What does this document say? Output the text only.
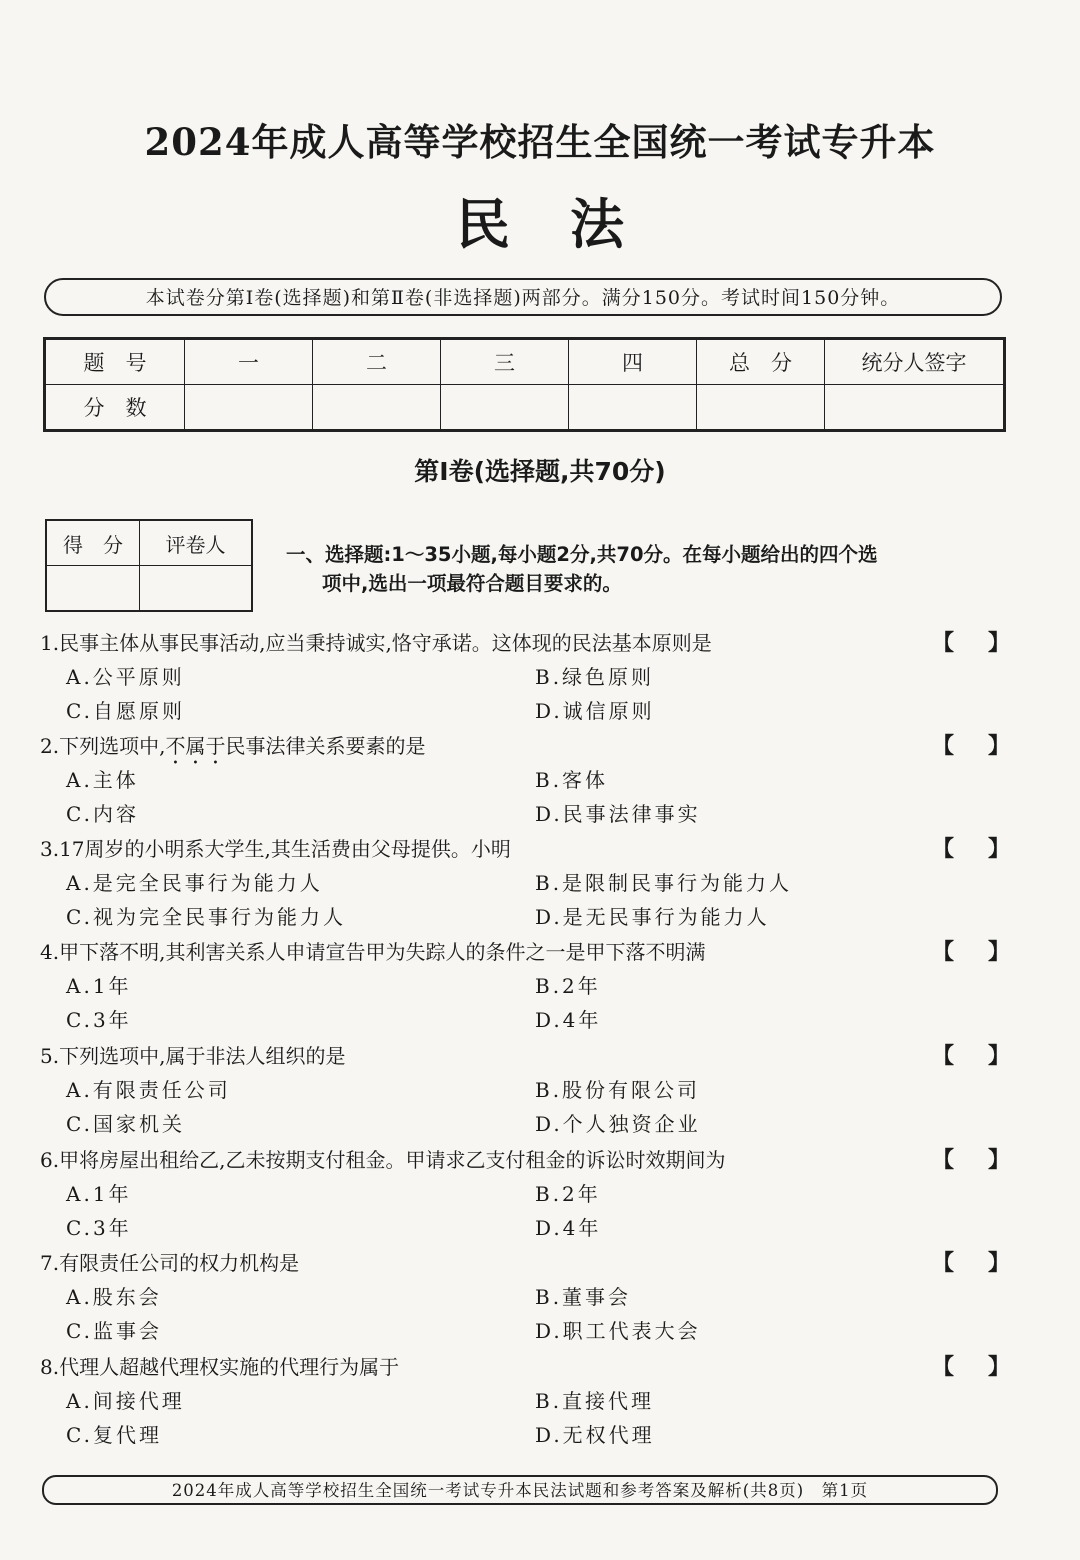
2024年成人高等学校招生全国统一考试专升本
民法
本试卷分第Ⅰ卷(选择题)和第Ⅱ卷(非选择题)两部分。满分150分。考试时间150分钟。
题　号	一	二	三	四	总　分	统分人签字
分　数						
第Ⅰ卷(选择题,共70分)
得　分	评卷人
		一、选择题:1～35小题,每小题2分,共70分。在每小题给出的四个选
项中,选出一项最符合题目要求的。
1.民事主体从事民事活动,应当秉持诚实,恪守承诺。这体现的民法基本原则是	【】
A.公平原则	B.绿色原则
C.自愿原则	D.诚信原则
2.下列选项中,不属于民事法律关系要素的是	【】
A.主体	B.客体
C.内容	D.民事法律事实
3.17周岁的小明系大学生,其生活费由父母提供。小明	【】
A.是完全民事行为能力人	B.是限制民事行为能力人
C.视为完全民事行为能力人	D.是无民事行为能力人
4.甲下落不明,其利害关系人申请宣告甲为失踪人的条件之一是甲下落不明满	【】
A.1年	B.2年
C.3年	D.4年
5.下列选项中,属于非法人组织的是	【】
A.有限责任公司	B.股份有限公司
C.国家机关	D.个人独资企业
6.甲将房屋出租给乙,乙未按期支付租金。甲请求乙支付租金的诉讼时效期间为	【】
A.1年	B.2年
C.3年	D.4年
7.有限责任公司的权力机构是	【】
A.股东会	B.董事会
C.监事会	D.职工代表大会
8.代理人超越代理权实施的代理行为属于	【】
A.间接代理	B.直接代理
C.复代理	D.无权代理
2024年成人高等学校招生全国统一考试专升本民法试题和参考答案及解析(共8页)　第1页
